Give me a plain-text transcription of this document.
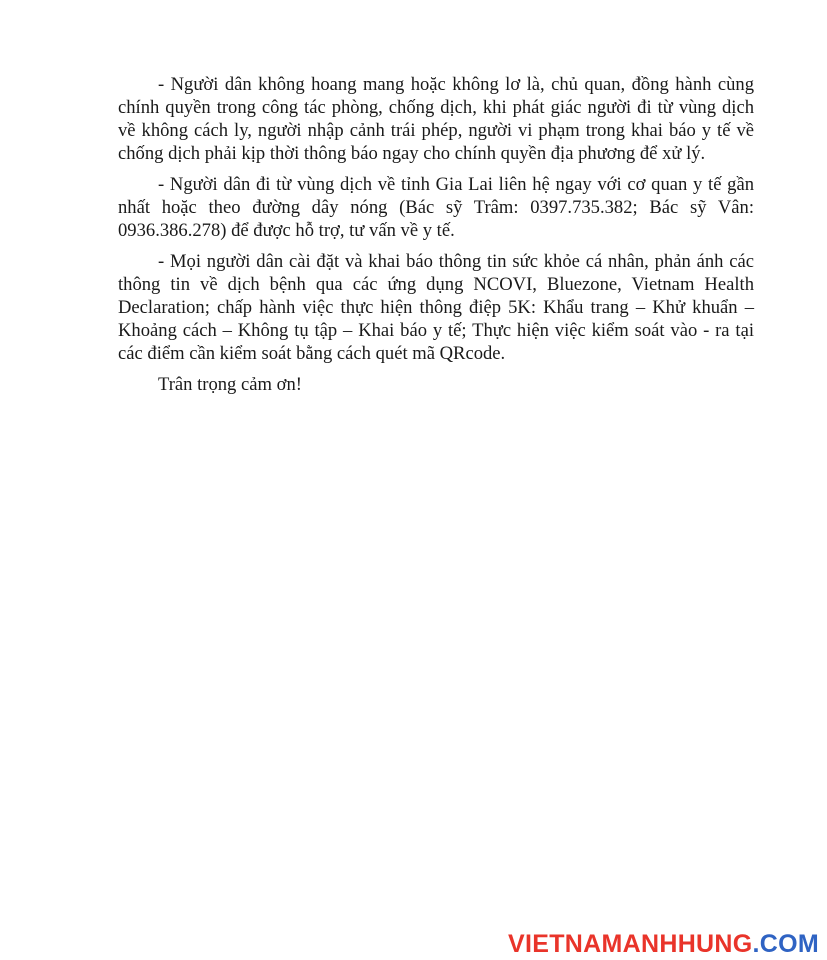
- Người dân không hoang mang hoặc không lơ là, chủ quan, đồng hành cùng chính quyền trong công tác phòng, chống dịch, khi phát giác người đi từ vùng dịch về không cách ly, người nhập cảnh trái phép, người vi phạm trong khai báo y tế về chống dịch phải kịp thời thông báo ngay cho chính quyền địa phương để xử lý.

- Người dân đi từ vùng dịch về tỉnh Gia Lai liên hệ ngay với cơ quan y tế gần nhất hoặc theo đường dây nóng (Bác sỹ Trâm: 0397.735.382; Bác sỹ Vân: 0936.386.278) để được hỗ trợ, tư vấn về y tế.

- Mọi người dân cài đặt và khai báo thông tin sức khỏe cá nhân, phản ánh các thông tin về dịch bệnh qua các ứng dụng NCOVI, Bluezone, Vietnam Health Declaration; chấp hành việc thực hiện thông điệp 5K: Khẩu trang – Khử khuẩn – Khoảng cách – Không tụ tập – Khai báo y tế; Thực hiện việc kiểm soát vào - ra tại các điểm cần kiểm soát bằng cách quét mã QRcode.

Trân trọng cảm ơn!

VIETNAMANHHUNG.COM
